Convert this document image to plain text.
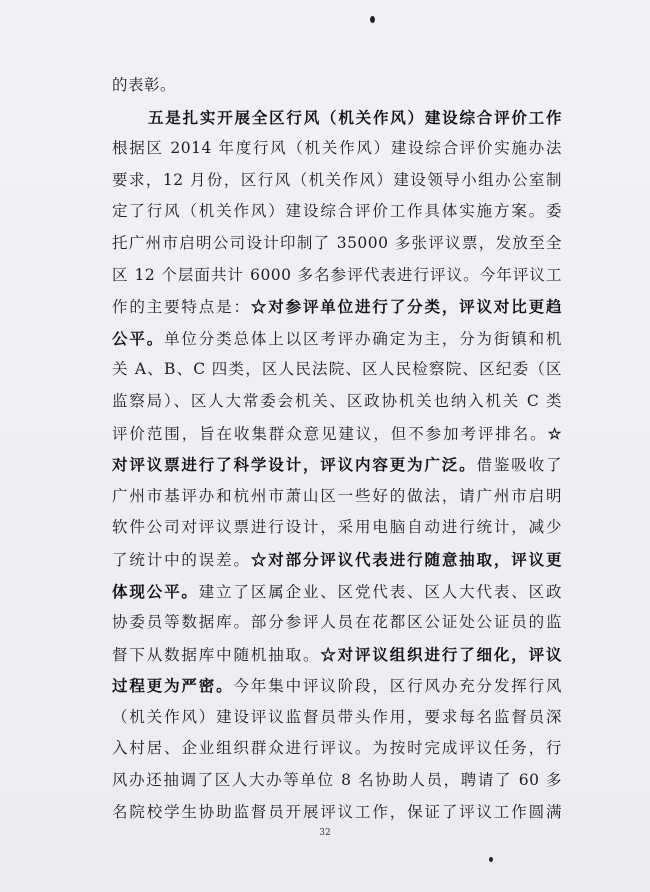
的表彰。
五是扎实开展全区行风（机关作风）建设综合评价工作
根据区 2014 年度行风（机关作风）建设综合评价实施办法
要求，12 月份，区行风（机关作风）建设领导小组办公室制
定了行风（机关作风）建设综合评价工作具体实施方案。委
托广州市启明公司设计印制了 35000 多张评议票，发放至全
区 12 个层面共计 6000 多名参评代表进行评议。今年评议工
作的主要特点是：☆对参评单位进行了分类，评议对比更趋
公平。单位分类总体上以区考评办确定为主，分为街镇和机
关 A、B、C 四类，区人民法院、区人民检察院、区纪委（区
监察局）、区人大常委会机关、区政协机关也纳入机关 C 类
评价范围，旨在收集群众意见建议，但不参加考评排名。☆
对评议票进行了科学设计，评议内容更为广泛。借鉴吸收了
广州市基评办和杭州市萧山区一些好的做法，请广州市启明
软件公司对评议票进行设计，采用电脑自动进行统计，减少
了统计中的误差。☆对部分评议代表进行随意抽取，评议更
体现公平。建立了区属企业、区党代表、区人大代表、区政
协委员等数据库。部分参评人员在花都区公证处公证员的监
督下从数据库中随机抽取。☆对评议组织进行了细化，评议
过程更为严密。今年集中评议阶段，区行风办充分发挥行风
（机关作风）建设评议监督员带头作用，要求每名监督员深
入村居、企业组织群众进行评议。为按时完成评议任务，行
风办还抽调了区人大办等单位 8 名协助人员，聘请了 60 多
名院校学生协助监督员开展评议工作，保证了评议工作圆满
32
